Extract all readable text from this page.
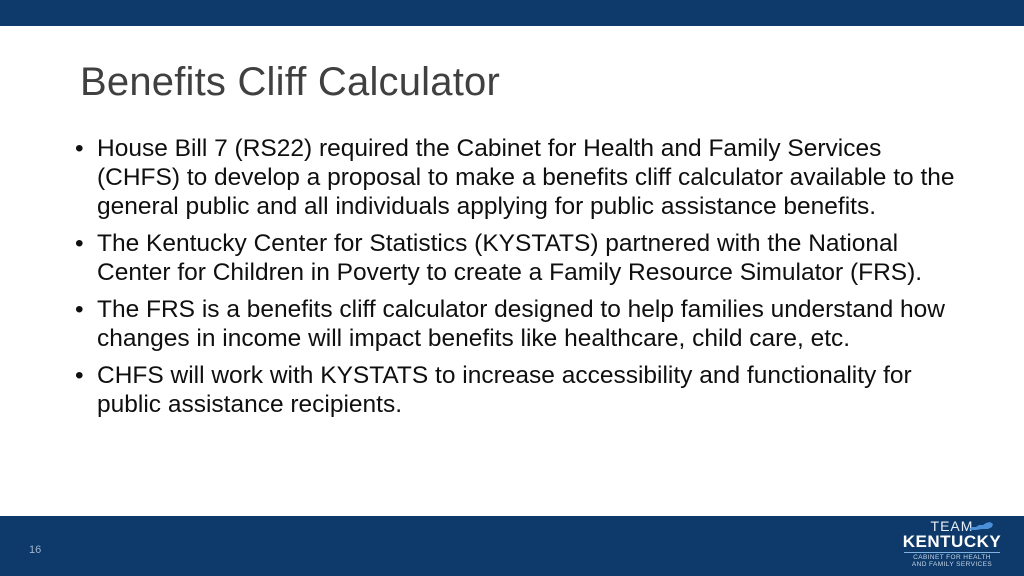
Benefits Cliff Calculator
• House Bill 7 (RS22) required the Cabinet for Health and Family Services (CHFS) to develop a proposal to make a benefits cliff calculator available to the general public and all individuals applying for public assistance benefits.
• The Kentucky Center for Statistics (KYSTATS) partnered with the National Center for Children in Poverty to create a Family Resource Simulator (FRS).
• The FRS is a benefits cliff calculator designed to help families understand how changes in income will impact benefits like healthcare, child care, etc.
• CHFS will work with KYSTATS to increase accessibility and functionality for public assistance recipients.
16
TEAM
KENTUCKY
CABINET FOR HEALTH
AND FAMILY SERVICES
